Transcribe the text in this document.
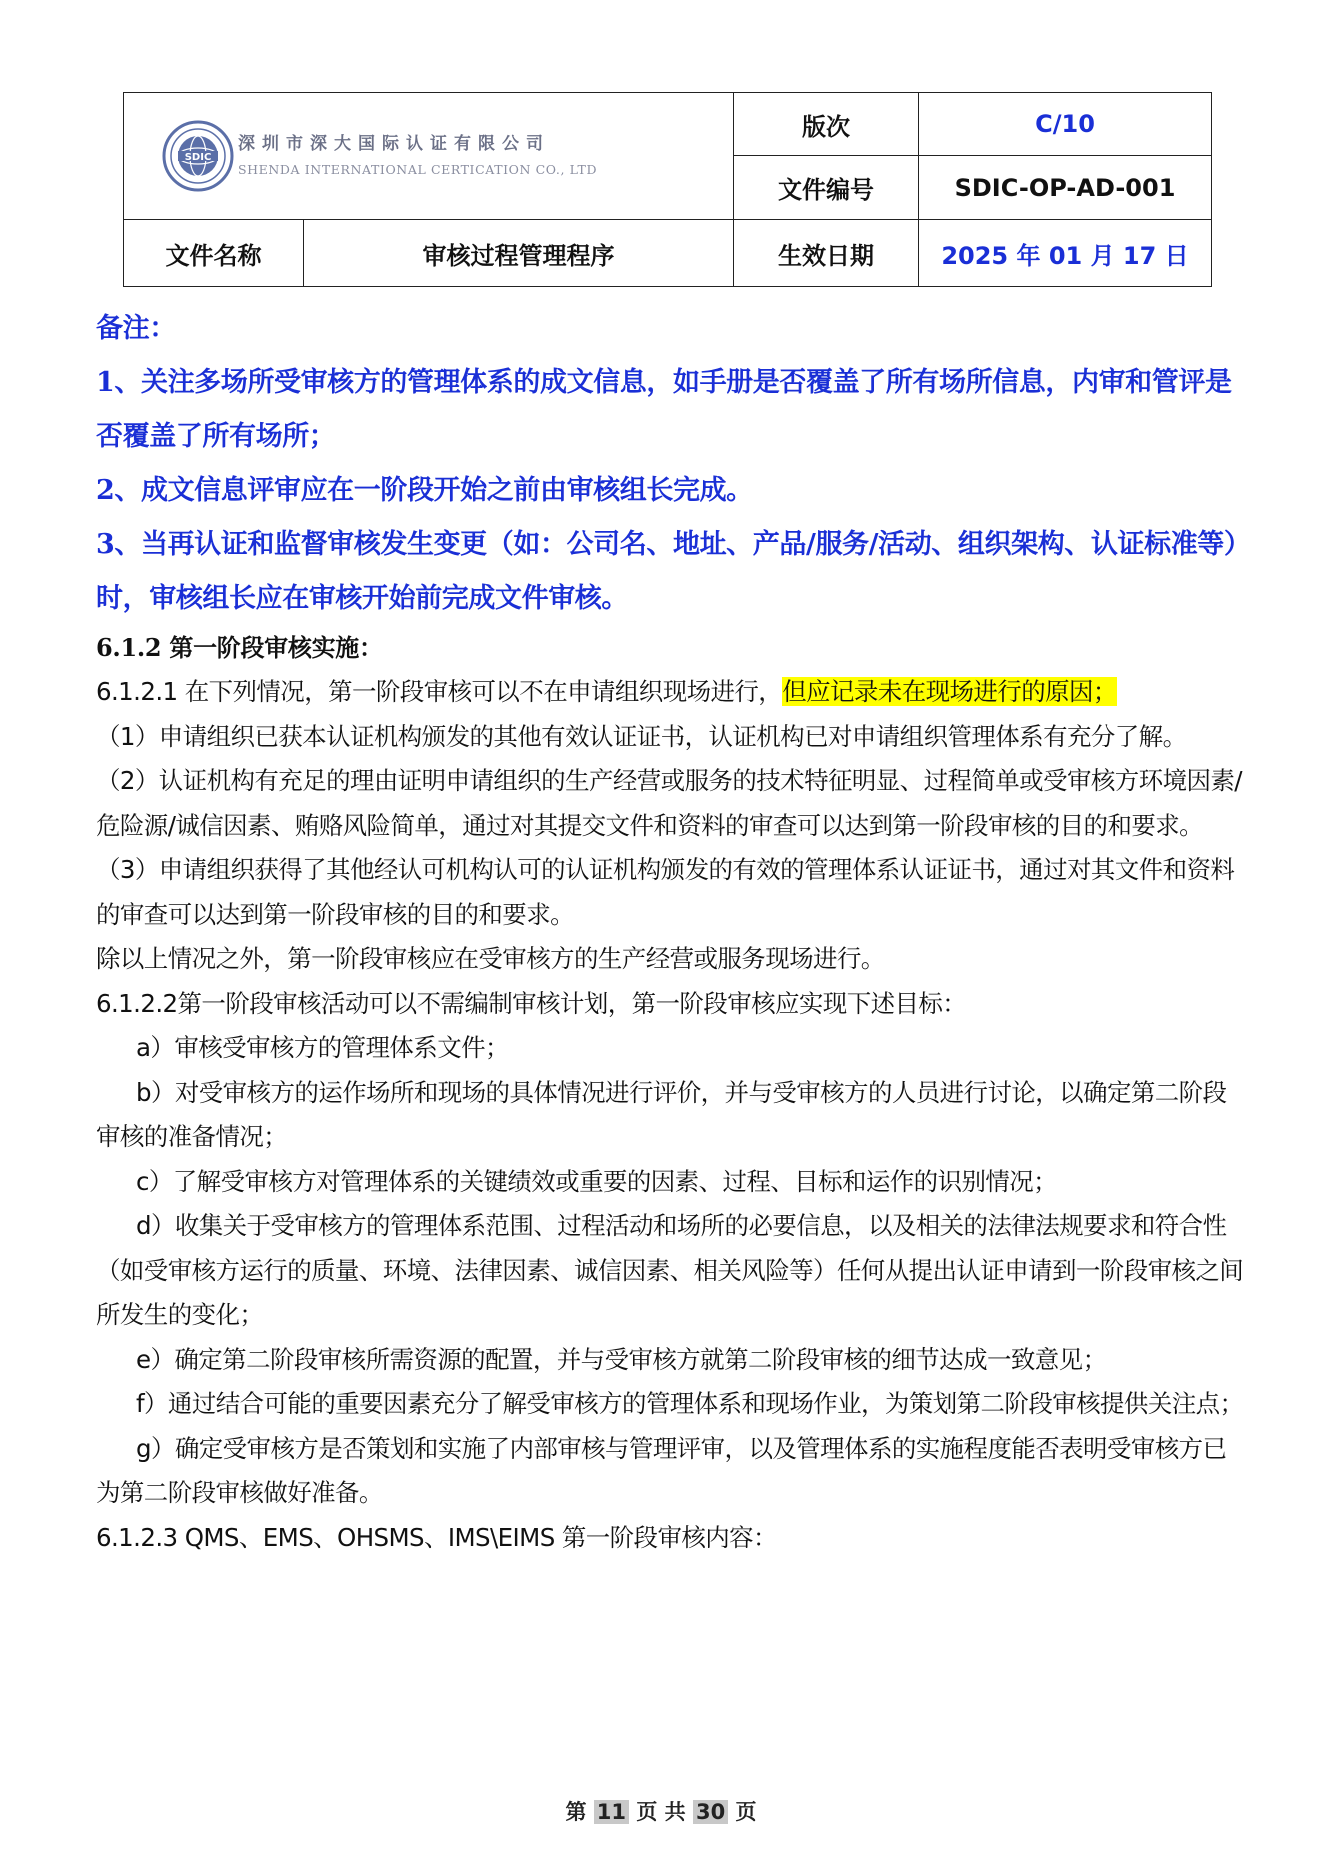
SDIC
深圳市深大国际认证有限公司
SHENDA INTERNATIONAL CERTICATION CO., LTD		版次	C/10
		文件编号	SDIC-OP-AD-001
文件名称	审核过程管理程序	生效日期	2025 年 01 月 17 日

备注：

1、关注多场所受审核方的管理体系的成文信息，如手册是否覆盖了所有场所信息，内审和管评是否覆盖了所有场所；

2、成文信息评审应在一阶段开始之前由审核组长完成。

3、当再认证和监督审核发生变更（如：公司名、地址、产品/服务/活动、组织架构、认证标准等）时，审核组长应在审核开始前完成文件审核。

6.1.2 第一阶段审核实施：

6.1.2.1 在下列情况，第一阶段审核可以不在申请组织现场进行，但应记录未在现场进行的原因；

（1）申请组织已获本认证机构颁发的其他有效认证证书，认证机构已对申请组织管理体系有充分了解。

（2）认证机构有充足的理由证明申请组织的生产经营或服务的技术特征明显、过程简单或受审核方环境因素/危险源/诚信因素、贿赂风险简单，通过对其提交文件和资料的审查可以达到第一阶段审核的目的和要求。

（3）申请组织获得了其他经认可机构认可的认证机构颁发的有效的管理体系认证证书，通过对其文件和资料的审查可以达到第一阶段审核的目的和要求。

除以上情况之外，第一阶段审核应在受审核方的生产经营或服务现场进行。

6.1.2.2第一阶段审核活动可以不需编制审核计划，第一阶段审核应实现下述目标：

a）审核受审核方的管理体系文件；

b）对受审核方的运作场所和现场的具体情况进行评价，并与受审核方的人员进行讨论，以确定第二阶段审核的准备情况；

c）了解受审核方对管理体系的关键绩效或重要的因素、过程、目标和运作的识别情况；

d）收集关于受审核方的管理体系范围、过程活动和场所的必要信息，以及相关的法律法规要求和符合性（如受审核方运行的质量、环境、法律因素、诚信因素、相关风险等）任何从提出认证申请到一阶段审核之间所发生的变化；

e）确定第二阶段审核所需资源的配置，并与受审核方就第二阶段审核的细节达成一致意见；

f）通过结合可能的重要因素充分了解受审核方的管理体系和现场作业，为策划第二阶段审核提供关注点；

g）确定受审核方是否策划和实施了内部审核与管理评审，以及管理体系的实施程度能否表明受审核方已为第二阶段审核做好准备。

6.1.2.3 QMS、EMS、OHSMS、IMS\EIMS 第一阶段审核内容：

第 11 页 共 30 页
